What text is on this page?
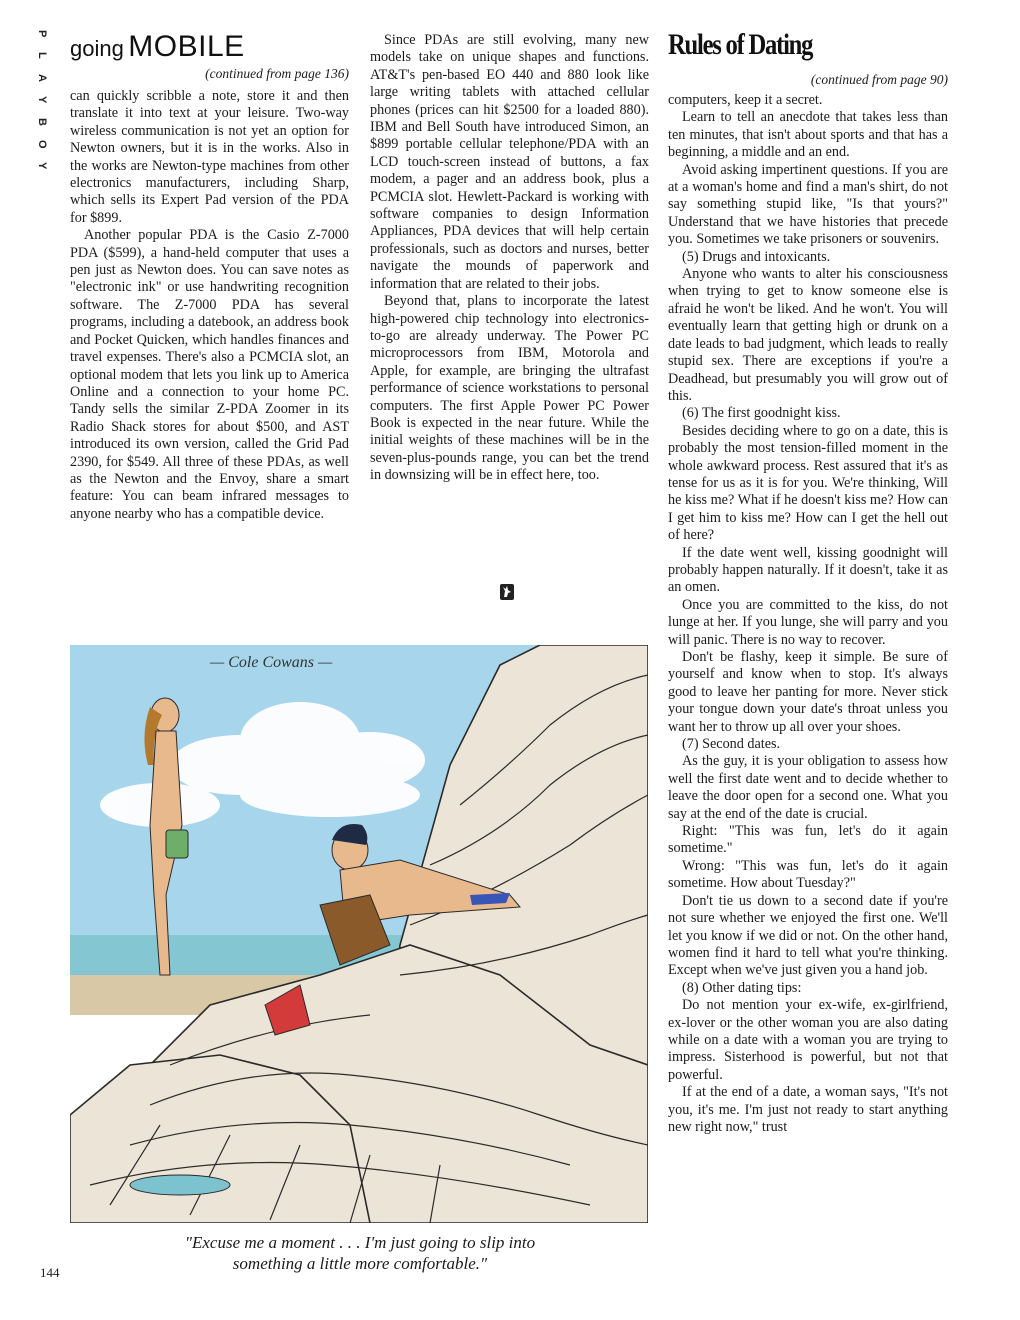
P
L
A
Y
B
O
Y
going MOBILE
(continued from page 136)

can quickly scribble a note, store it and then translate it into text at your leisure. Two-way wireless communication is not yet an option for Newton owners, but it is in the works. Also in the works are Newton-type machines from other electronics manufacturers, including Sharp, which sells its Expert Pad version of the PDA for $899.

Another popular PDA is the Casio Z-7000 PDA ($599), a hand-held computer that uses a pen just as Newton does. You can save notes as "electronic ink" or use handwriting recognition software. The Z-7000 PDA has several programs, including a datebook, an address book and Pocket Quicken, which handles finances and travel expenses. There's also a PCMCIA slot, an optional modem that lets you link up to America Online and a connection to your home PC. Tandy sells the similar Z-PDA Zoomer in its Radio Shack stores for about $500, and AST introduced its own version, called the Grid Pad 2390, for $549. All three of these PDAs, as well as the Newton and the Envoy, share a smart feature: You can beam infrared messages to anyone nearby who has a compatible device.

Since PDAs are still evolving, many new models take on unique shapes and functions. AT&T's pen-based EO 440 and 880 look like large writing tablets with attached cellular phones (prices can hit $2500 for a loaded 880). IBM and Bell South have introduced Simon, an $899 portable cellular telephone/PDA with an LCD touch-screen instead of buttons, a fax modem, a pager and an address book, plus a PCMCIA slot. Hewlett-Packard is working with software companies to design Information Appliances, PDA devices that will help certain professionals, such as doctors and nurses, better navigate the mounds of paperwork and information that are related to their jobs.

Beyond that, plans to incorporate the latest high-powered chip technology into electronics-to-go are already underway. The Power PC microprocessors from IBM, Motorola and Apple, for example, are bringing the ultrafast performance of science workstations to personal computers. The first Apple Power PC Power Book is expected in the near future. While the initial weights of these machines will be in the seven-plus-pounds range, you can bet the trend in downsizing will be in effect here, too.

Rules of Dating
(continued from page 90)

computers, keep it a secret.

Learn to tell an anecdote that takes less than ten minutes, that isn't about sports and that has a beginning, a middle and an end.

Avoid asking impertinent questions. If you are at a woman's home and find a man's shirt, do not say something stupid like, "Is that yours?" Understand that we have histories that precede you. Sometimes we take prisoners or souvenirs.

(5) Drugs and intoxicants.

Anyone who wants to alter his consciousness when trying to get to know someone else is afraid he won't be liked. And he won't. You will eventually learn that getting high or drunk on a date leads to bad judgment, which leads to really stupid sex. There are exceptions if you're a Deadhead, but presumably you will grow out of this.

(6) The first goodnight kiss.

Besides deciding where to go on a date, this is probably the most tension-filled moment in the whole awkward process. Rest assured that it's as tense for us as it is for you. We're thinking, Will he kiss me? What if he doesn't kiss me? How can I get him to kiss me? How can I get the hell out of here?

If the date went well, kissing goodnight will probably happen naturally. If it doesn't, take it as an omen.

Once you are committed to the kiss, do not lunge at her. If you lunge, she will parry and you will panic. There is no way to recover.

Don't be flashy, keep it simple. Be sure of yourself and know when to stop. It's always good to leave her panting for more. Never stick your tongue down your date's throat unless you want her to throw up all over your shoes.

(7) Second dates.

As the guy, it is your obligation to assess how well the first date went and to decide whether to leave the door open for a second one. What you say at the end of the date is crucial.

Right: "This was fun, let's do it again sometime."

Wrong: "This was fun, let's do it again sometime. How about Tuesday?"

Don't tie us down to a second date if you're not sure whether we enjoyed the first one. We'll let you know if we did or not. On the other hand, women find it hard to tell what you're thinking. Except when we've just given you a hand job.

(8) Other dating tips:

Do not mention your ex-wife, ex-girlfriend, ex-lover or the other woman you are also dating while on a date with a woman you are trying to impress. Sisterhood is powerful, but not that powerful.

If at the end of a date, a woman says, "It's not you, it's me. I'm just not ready to start anything new right now," trust

— Cole Cowans —
"Excuse me a moment . . . I'm just going to slip into
something a little more comfortable."
144
